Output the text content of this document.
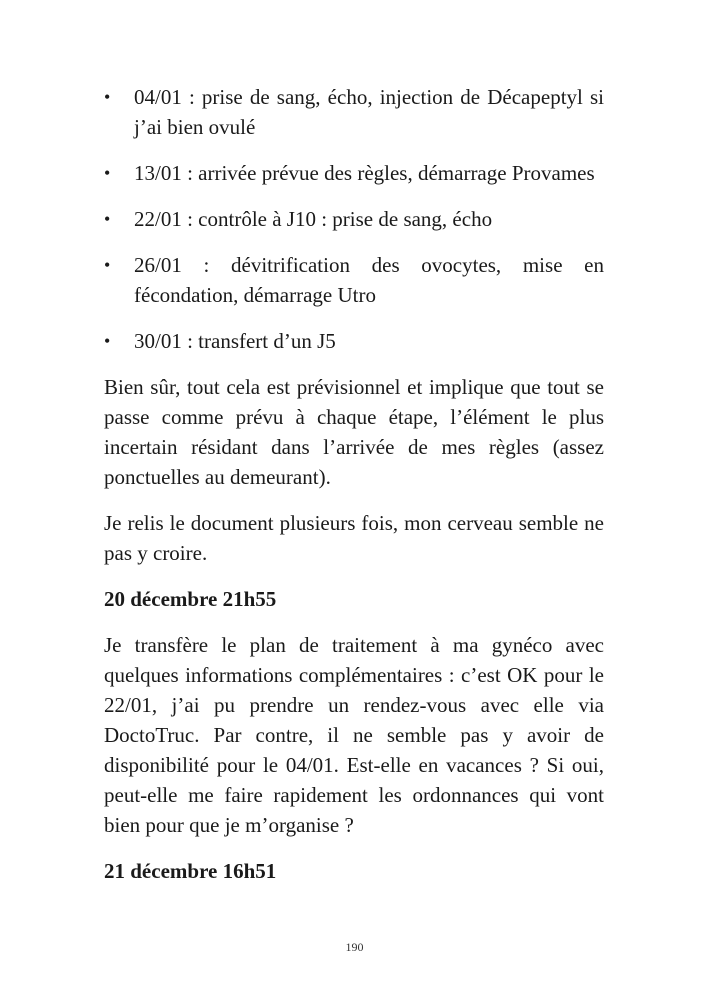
• 04/01 : prise de sang, écho, injection de Décapeptyl si j’ai bien ovulé
• 13/01 : arrivée prévue des règles, démarrage Provames
• 22/01 : contrôle à J10 : prise de sang, écho
• 26/01 : dévitrification des ovocytes, mise en fécondation, démarrage Utro
• 30/01 : transfert d’un J5

Bien sûr, tout cela est prévisionnel et implique que tout se passe comme prévu à chaque étape, l’élément le plus incertain résidant dans l’arrivée de mes règles (assez ponctuelles au demeurant).

Je relis le document plusieurs fois, mon cerveau semble ne pas y croire.

20 décembre 21h55

Je transfère le plan de traitement à ma gynéco avec quelques informations complémentaires : c’est OK pour le 22/01, j’ai pu prendre un rendez-vous avec elle via DoctoTruc. Par contre, il ne semble pas y avoir de disponibilité pour le 04/01. Est-elle en vacances ? Si oui, peut-elle me faire rapidement les ordonnances qui vont bien pour que je m’organise ?

21 décembre 16h51
190
